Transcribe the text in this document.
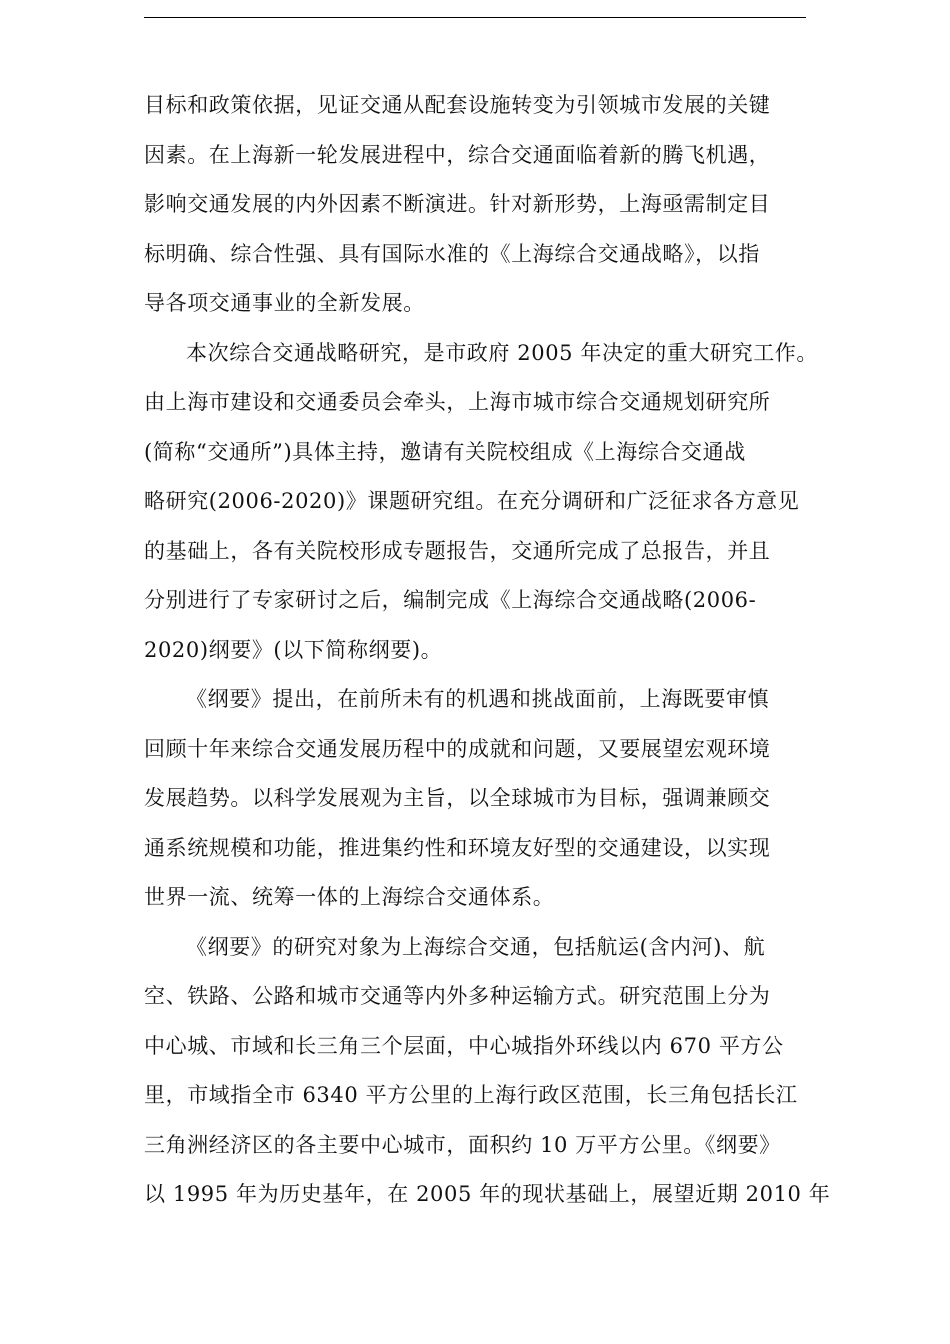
目标和政策依据，见证交通从配套设施转变为引领城市发展的关键
因素。在上海新一轮发展进程中，综合交通面临着新的腾飞机遇，
影响交通发展的内外因素不断演进。针对新形势，上海亟需制定目
标明确、综合性强、具有国际水准的《上海综合交通战略》，以指
导各项交通事业的全新发展。
本次综合交通战略研究，是市政府 2005 年决定的重大研究工作。
由上海市建设和交通委员会牵头，上海市城市综合交通规划研究所
(简称“交通所”)具体主持，邀请有关院校组成《上海综合交通战
略研究(2006-2020)》课题研究组。在充分调研和广泛征求各方意见
的基础上，各有关院校形成专题报告，交通所完成了总报告，并且
分别进行了专家研讨之后，编制完成《上海综合交通战略(2006-
2020)纲要》(以下简称纲要)。
《纲要》提出，在前所未有的机遇和挑战面前，上海既要审慎
回顾十年来综合交通发展历程中的成就和问题，又要展望宏观环境
发展趋势。以科学发展观为主旨，以全球城市为目标，强调兼顾交
通系统规模和功能，推进集约性和环境友好型的交通建设，以实现
世界一流、统筹一体的上海综合交通体系。
《纲要》的研究对象为上海综合交通，包括航运(含内河)、航
空、铁路、公路和城市交通等内外多种运输方式。研究范围上分为
中心城、市域和长三角三个层面，中心城指外环线以内 670 平方公
里，市域指全市 6340 平方公里的上海行政区范围，长三角包括长江
三角洲经济区的各主要中心城市，面积约 10 万平方公里。《纲要》
以 1995 年为历史基年，在 2005 年的现状基础上，展望近期 2010 年
